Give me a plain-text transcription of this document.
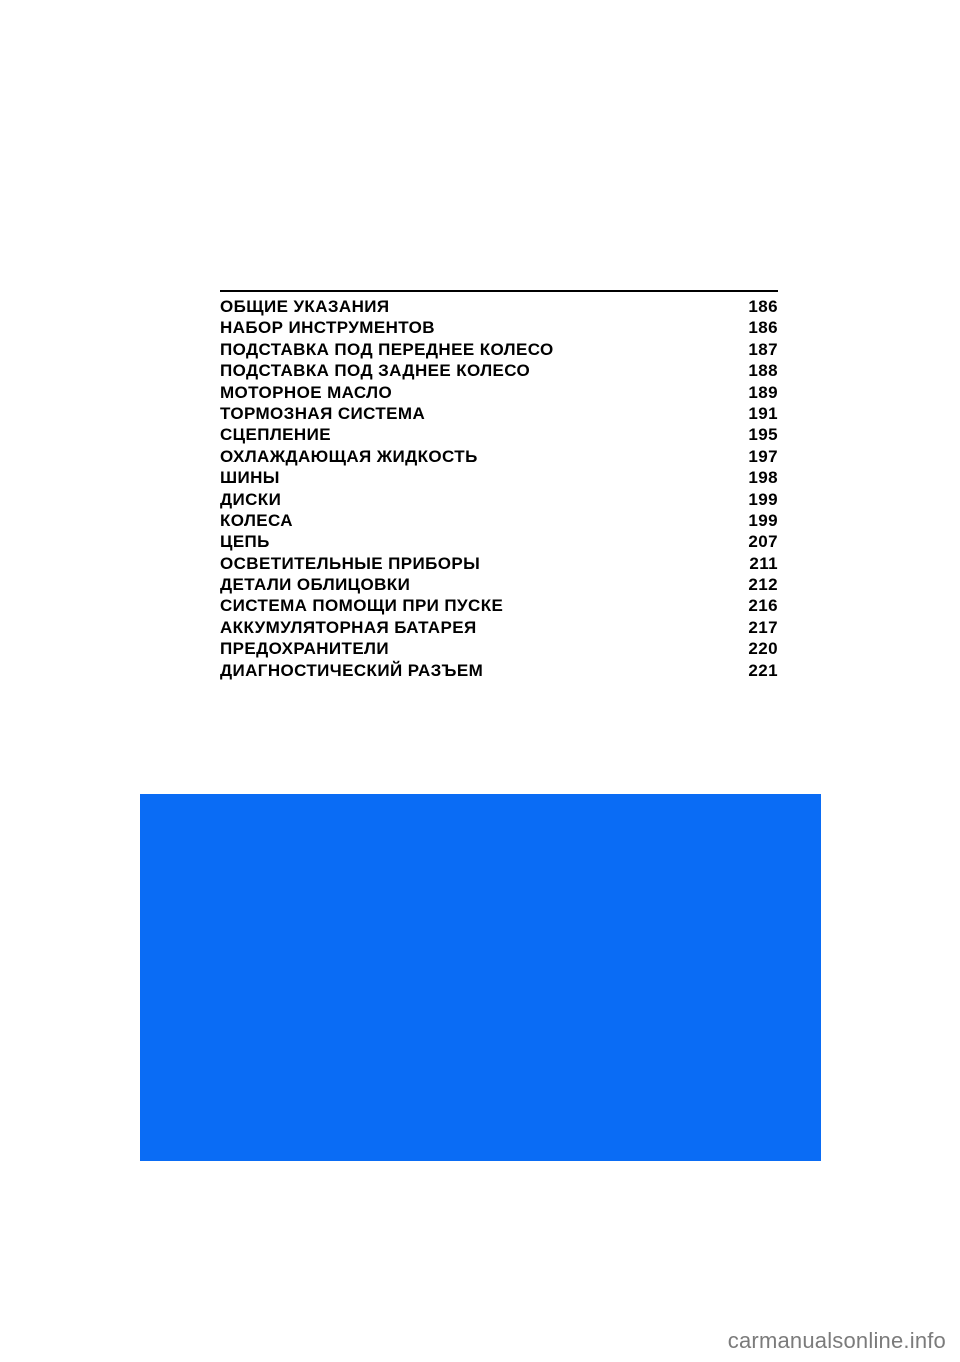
ОБЩИЕ УКАЗАНИЯ	186
НАБОР ИНСТРУМЕНТОВ	186
ПОДСТАВКА ПОД ПЕРЕДНЕЕ КОЛЕСО	187
ПОДСТАВКА ПОД ЗАДНЕЕ КОЛЕСО	188
МОТОРНОЕ МАСЛО	189
ТОРМОЗНАЯ СИСТЕМА	191
СЦЕПЛЕНИЕ	195
ОХЛАЖДАЮЩАЯ ЖИДКОСТЬ	197
ШИНЫ	198
ДИСКИ	199
КОЛЕСА	199
ЦЕПЬ	207
ОСВЕТИТЕЛЬНЫЕ ПРИБОРЫ	211
ДЕТАЛИ ОБЛИЦОВКИ	212
СИСТЕМА ПОМОЩИ ПРИ ПУСКЕ	216
АККУМУЛЯТОРНАЯ БАТАРЕЯ	217
ПРЕДОХРАНИТЕЛИ	220
ДИАГНОСТИЧЕСКИЙ РАЗЪЕМ	221
carmanualsonline.info
